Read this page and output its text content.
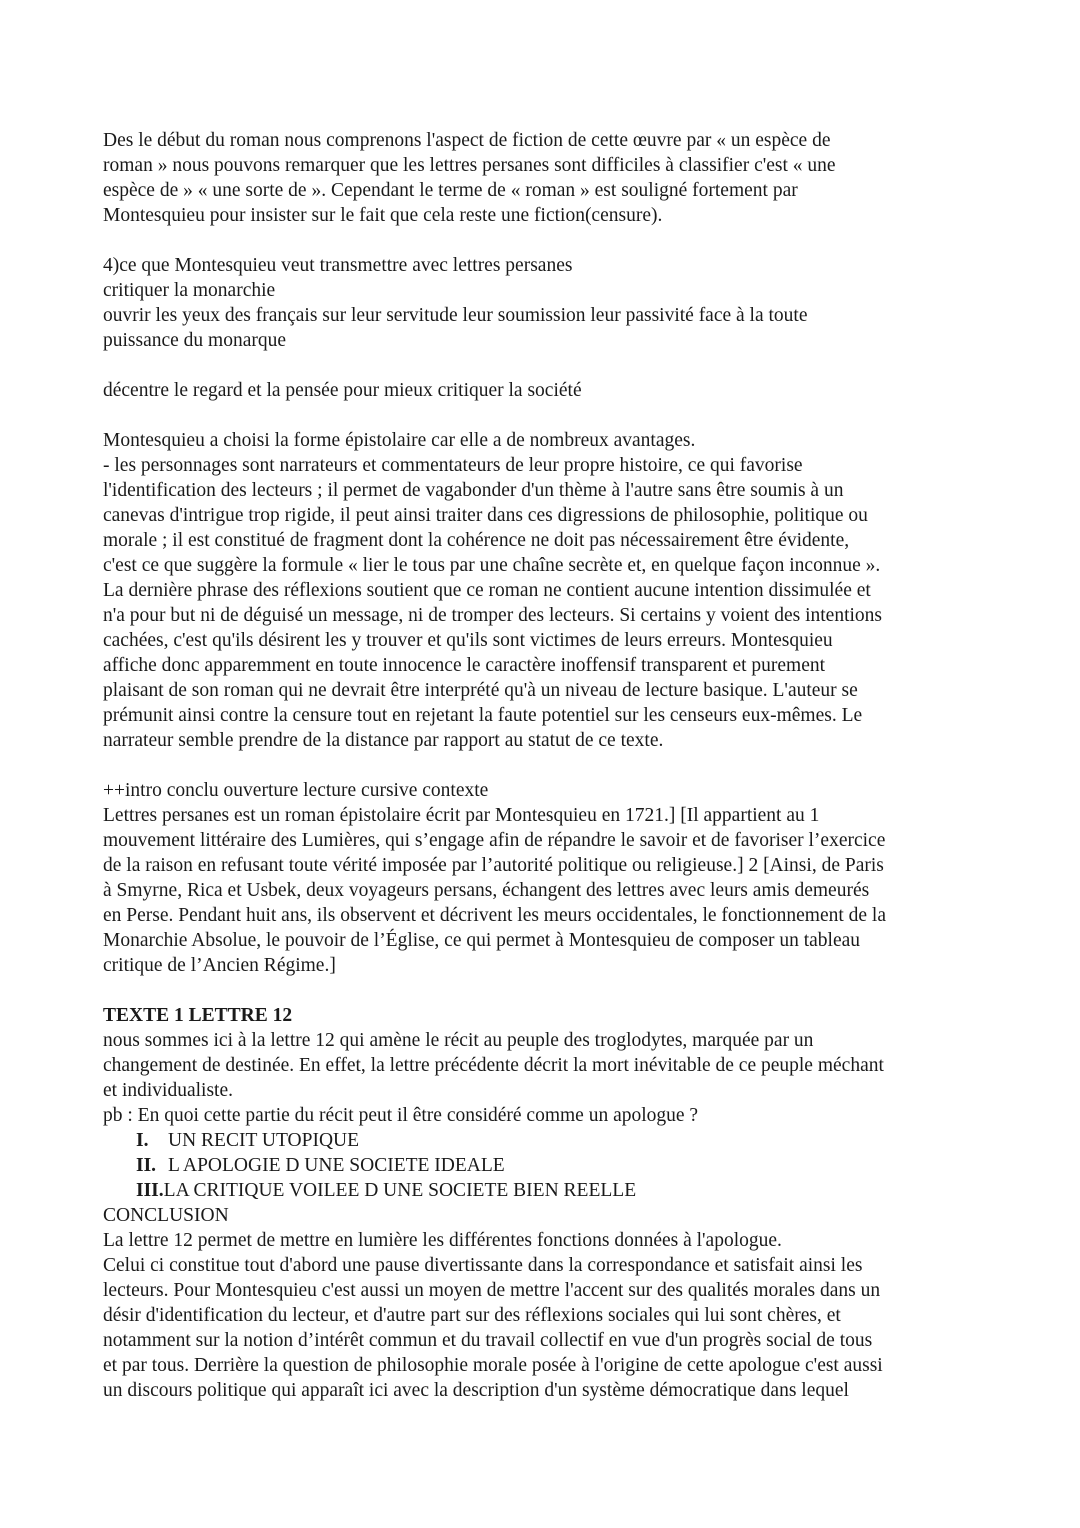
Des le début du roman nous comprenons l'aspect de fiction de cette œuvre par « un espèce de
roman » nous pouvons remarquer que les lettres persanes sont difficiles à classifier c'est « une
espèce de » « une sorte de ». Cependant le terme de « roman » est souligné fortement par
Montesquieu pour insister sur le fait que cela reste une fiction(censure).
4)ce que Montesquieu veut transmettre avec lettres persanes
critiquer la monarchie
ouvrir les yeux des français sur leur servitude leur soumission leur passivité face à la toute
puissance du monarque
décentre le regard et la pensée pour mieux critiquer la société
Montesquieu a choisi la forme épistolaire car elle a de nombreux avantages.
- les personnages sont narrateurs et commentateurs de leur propre histoire, ce qui favorise
l'identification des lecteurs ; il permet de vagabonder d'un thème à l'autre sans être soumis à un
canevas d'intrigue trop rigide, il peut ainsi traiter dans ces digressions de philosophie, politique ou
morale ; il est constitué de fragment dont la cohérence ne doit pas nécessairement être évidente,
c'est ce que suggère la formule « lier le tous par une chaîne secrète et, en quelque façon inconnue ».
La dernière phrase des réflexions soutient que ce roman ne contient aucune intention dissimulée et
n'a pour but ni de déguisé un message, ni de tromper des lecteurs. Si certains y voient des intentions
cachées, c'est qu'ils désirent les y trouver et qu'ils sont victimes de leurs erreurs. Montesquieu
affiche donc apparemment en toute innocence le caractère inoffensif transparent et purement
plaisant de son roman qui ne devrait être interprété qu'à un niveau de lecture basique. L'auteur se
prémunit ainsi contre la censure tout en rejetant la faute potentiel sur les censeurs eux-mêmes. Le
narrateur semble prendre de la distance par rapport au statut de ce texte.
++intro conclu ouverture lecture cursive contexte
Lettres persanes est un roman épistolaire écrit par Montesquieu en 1721.] [Il appartient au 1
mouvement littéraire des Lumières, qui s’engage afin de répandre le savoir et de favoriser l’exercice
de la raison en refusant toute vérité imposée par l’autorité politique ou religieuse.] 2 [Ainsi, de Paris
à Smyrne, Rica et Usbek, deux voyageurs persans, échangent des lettres avec leurs amis demeurés
en Perse. Pendant huit ans, ils observent et décrivent les meurs occidentales, le fonctionnement de la
Monarchie Absolue, le pouvoir de l’Église, ce qui permet à Montesquieu de composer un tableau
critique de l’Ancien Régime.]
TEXTE 1 LETTRE 12
nous sommes ici à la lettre 12 qui amène le récit au peuple des troglodytes, marquée par un
changement de destinée. En effet, la lettre précédente décrit la mort inévitable de ce peuple méchant
et individualiste.
pb : En quoi cette partie du récit peut il être considéré comme un apologue ?
I. UN RECIT UTOPIQUE
II. L APOLOGIE D UNE SOCIETE IDEALE
III.LA CRITIQUE VOILEE D UNE SOCIETE BIEN REELLE
CONCLUSION
La lettre 12 permet de mettre en lumière les différentes fonctions données à l'apologue.
Celui ci constitue tout d'abord une pause divertissante dans la correspondance et satisfait ainsi les
lecteurs. Pour Montesquieu c'est aussi un moyen de mettre l'accent sur des qualités morales dans un
désir d'identification du lecteur, et d'autre part sur des réflexions sociales qui lui sont chères, et
notamment sur la notion d’intérêt commun et du travail collectif en vue d'un progrès social de tous
et par tous. Derrière la question de philosophie morale posée à l'origine de cette apologue c'est aussi
un discours politique qui apparaît ici avec la description d'un système démocratique dans lequel
